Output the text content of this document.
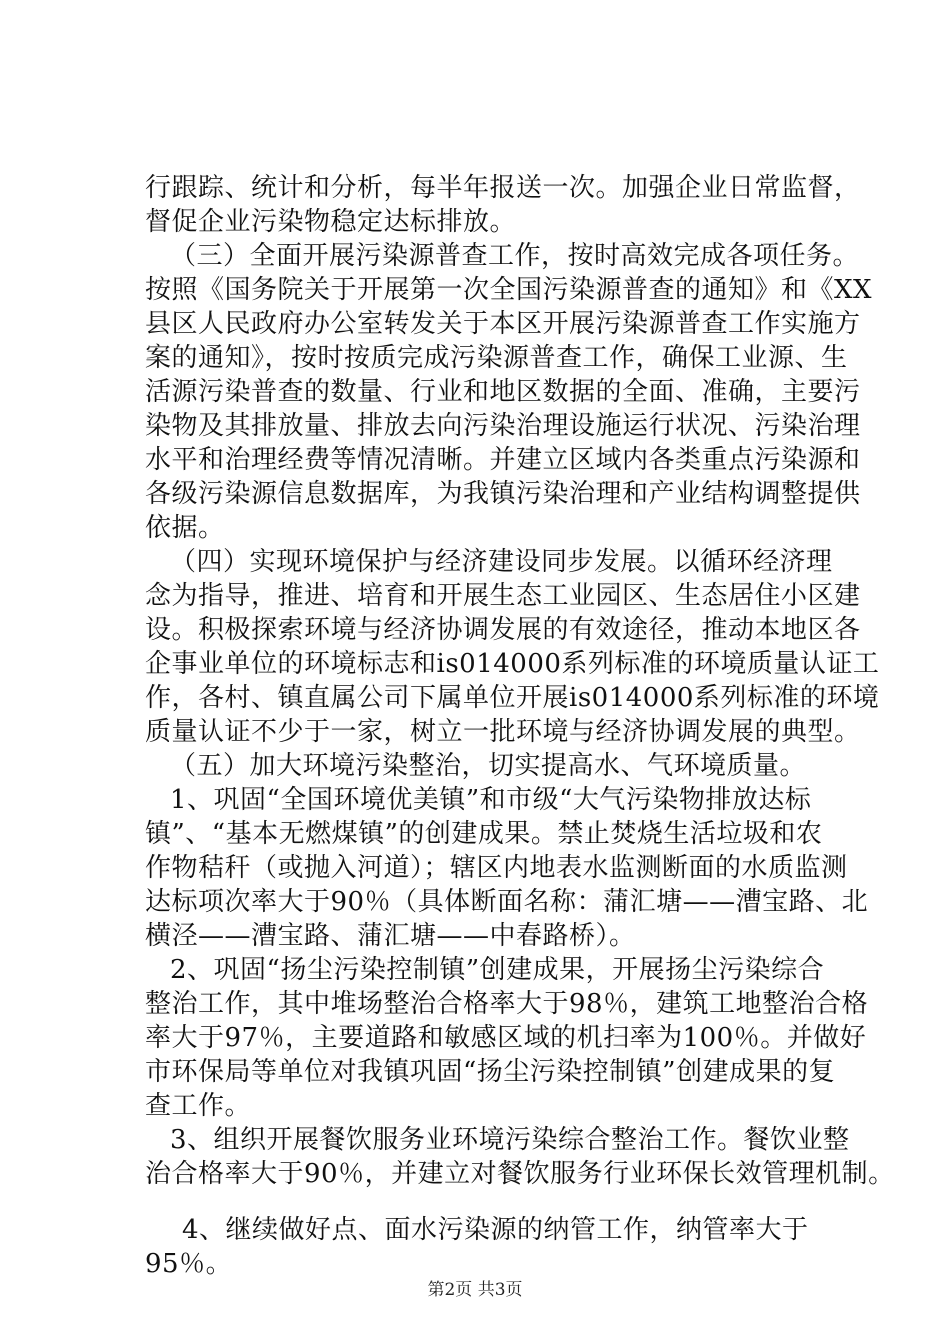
行跟踪、统计和分析，每半年报送一次。加强企业日常监督，
督促企业污染物稳定达标排放。
（三）全面开展污染源普查工作，按时高效完成各项任务。
按照《国务院关于开展第一次全国污染源普查的通知》和《XX
县区人民政府办公室转发关于本区开展污染源普查工作实施方
案的通知》，按时按质完成污染源普查工作，确保工业源、生
活源污染普查的数量、行业和地区数据的全面、准确，主要污
染物及其排放量、排放去向污染治理设施运行状况、污染治理
水平和治理经费等情况清晰。并建立区域内各类重点污染源和
各级污染源信息数据库，为我镇污染治理和产业结构调整提供
依据。
（四）实现环境保护与经济建设同步发展。以循环经济理
念为指导，推进、培育和开展生态工业园区、生态居住小区建
设。积极探索环境与经济协调发展的有效途径，推动本地区各
企事业单位的环境标志和is014000系列标准的环境质量认证工
作，各村、镇直属公司下属单位开展is014000系列标准的环境
质量认证不少于一家，树立一批环境与经济协调发展的典型。
（五）加大环境污染整治，切实提高水、气环境质量。
1、巩固“全国环境优美镇”和市级“大气污染物排放达标
镇”、“基本无燃煤镇”的创建成果。禁止焚烧生活垃圾和农
作物秸秆（或抛入河道）；辖区内地表水监测断面的水质监测
达标项次率大于90％（具体断面名称：蒲汇塘——漕宝路、北
横泾——漕宝路、蒲汇塘——中春路桥）。
2、巩固“扬尘污染控制镇”创建成果，开展扬尘污染综合
整治工作，其中堆场整治合格率大于98％，建筑工地整治合格
率大于97％，主要道路和敏感区域的机扫率为100％。并做好
市环保局等单位对我镇巩固“扬尘污染控制镇”创建成果的复
查工作。
3、组织开展餐饮服务业环境污染综合整治工作。餐饮业整
治合格率大于90％，并建立对餐饮服务行业环保长效管理机制。
4、继续做好点、面水污染源的纳管工作，纳管率大于
95％。
第2页 共3页
